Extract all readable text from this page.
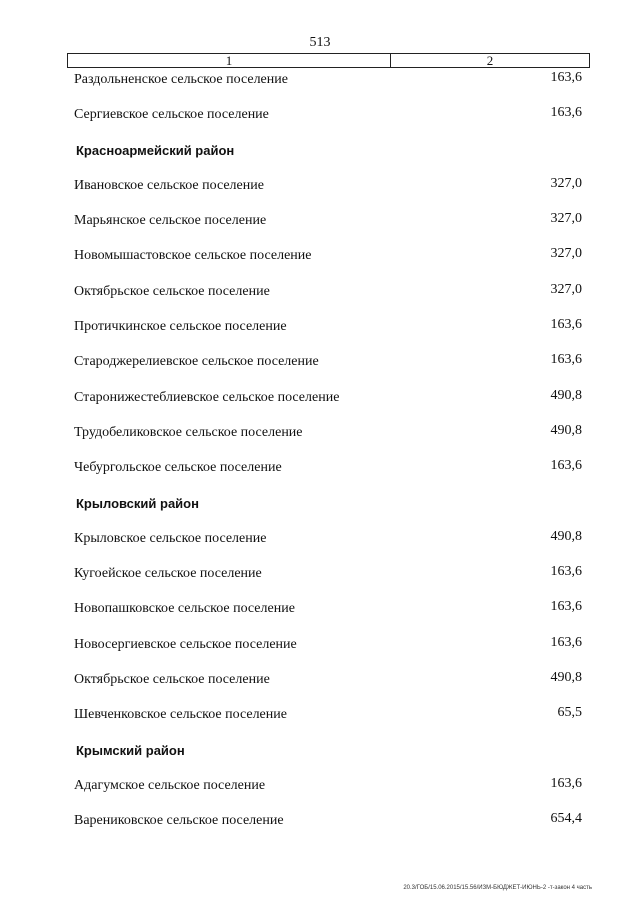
513
1	2
Раздольненское сельское поселение	163,6
Сергиевское сельское поселение	163,6
Красноармейский район
Ивановское сельское поселение	327,0
Марьянское сельское поселение	327,0
Новомышастовское сельское поселение	327,0
Октябрьское сельское поселение	327,0
Протичкинское сельское поселение	163,6
Староджерелиевское сельское поселение	163,6
Старонижестеблиевское сельское поселение	490,8
Трудобеликовское сельское поселение	490,8
Чебургольское сельское поселение	163,6
Крыловский район
Крыловское сельское поселение	490,8
Кугоейское сельское поселение	163,6
Новопашковское сельское поселение	163,6
Новосергиевское сельское поселение	163,6
Октябрьское сельское поселение	490,8
Шевченковское сельское поселение	65,5
Крымский район
Адагумское сельское поселение	163,6
Варениковское сельское поселение	654,4
20.3/ГОБ/15.06.2015/15.56/ИЗМ-БЮДЖЕТ-ИЮНЬ-2 -т-закон 4 часть
